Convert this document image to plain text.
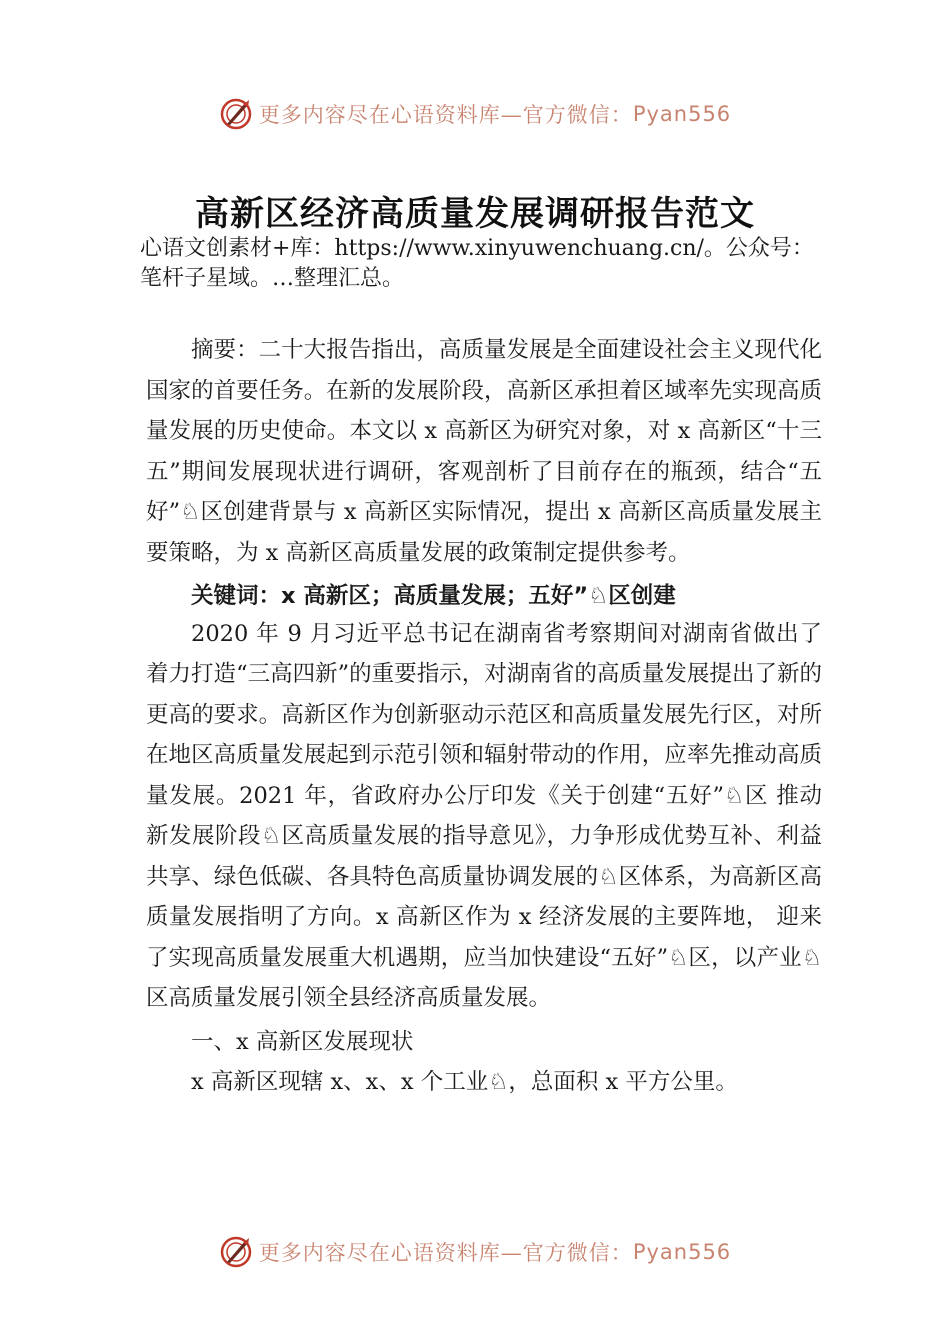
更多内容尽在心语资料库—官方微信： Pyan556
高新区经济高质量发展调研报告范文

心语文创素材+库：https://www.xinyuwenchuang.cn/。公众号：笔杆子星域。…整理汇总。

摘要：二十大报告指出，高质量发展是全面建设社会主义现代化国家的首要任务。在新的发展阶段，高新区承担着区域率先实现高质量发展的历史使命。本文以 x 高新区为研究对象，对 x 高新区“十三五”期间发展现状进行调研，客观剖析了目前存在的瓶颈，结合“五好”♘区创建背景与 x 高新区实际情况，提出 x 高新区高质量发展主要策略，为 x 高新区高质量发展的政策制定提供参考。

关键词：x 高新区；高质量发展；五好”♘区创建

2020 年 9 月习近平总书记在湖南省考察期间对湖南省做出了着力打造“三高四新”的重要指示，对湖南省的高质量发展提出了新的更高的要求。高新区作为创新驱动示范区和高质量发展先行区，对所在地区高质量发展起到示范引领和辐射带动的作用，应率先推动高质量发展。2021 年，省政府办公厅印发《关于创建“五好”♘区 推动新发展阶段♘区高质量发展的指导意见》，力争形成优势互补、利益共享、绿色低碳、各具特色高质量协调发展的♘区体系，为高新区高质量发展指明了方向。x 高新区作为 x 经济发展的主要阵地， 迎来了实现高质量发展重大机遇期，应当加快建设“五好”♘区，以产业♘区高质量发展引领全县经济高质量发展。

一、x 高新区发展现状

x 高新区现辖 x、x、x 个工业♘，总面积 x 平方公里。

更多内容尽在心语资料库—官方微信： Pyan556
